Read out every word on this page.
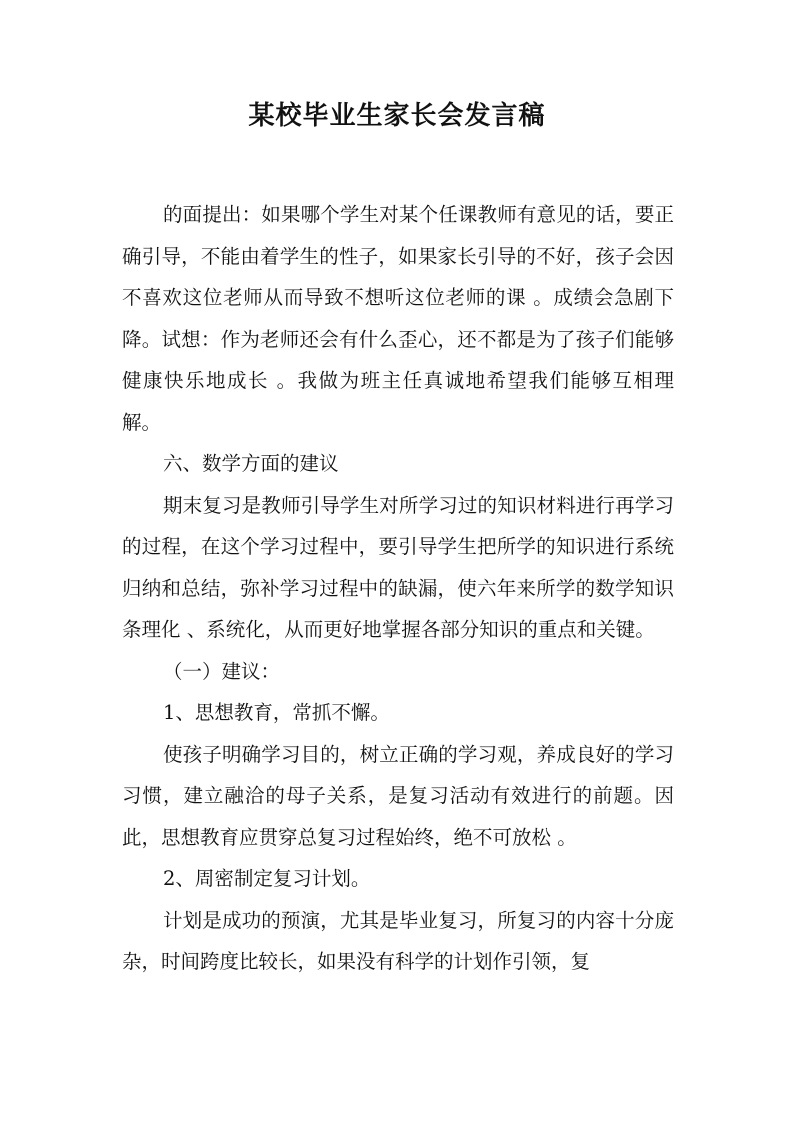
某校毕业生家长会发言稿

的面提出：如果哪个学生对某个任课教师有意见的话，要正确引导，不能由着学生的性子，如果家长引导的不好，孩子会因不喜欢这位老师从而导致不想听这位老师的课 。成绩会急剧下降。试想：作为老师还会有什么歪心，还不都是为了孩子们能够健康快乐地成长 。我做为班主任真诚地希望我们能够互相理解。

六、数学方面的建议

期末复习是教师引导学生对所学习过的知识材料进行再学习的过程，在这个学习过程中，要引导学生把所学的知识进行系统归纳和总结，弥补学习过程中的缺漏，使六年来所学的数学知识条理化 、系统化，从而更好地掌握各部分知识的重点和关键。

（一）建议：

1、思想教育，常抓不懈。

使孩子明确学习目的，树立正确的学习观，养成良好的学习习惯，建立融洽的母子关系，是复习活动有效进行的前题。因此，思想教育应贯穿总复习过程始终，绝不可放松 。

2、周密制定复习计划。

计划是成功的预演，尤其是毕业复习，所复习的内容十分庞杂，时间跨度比较长，如果没有科学的计划作引领，复
